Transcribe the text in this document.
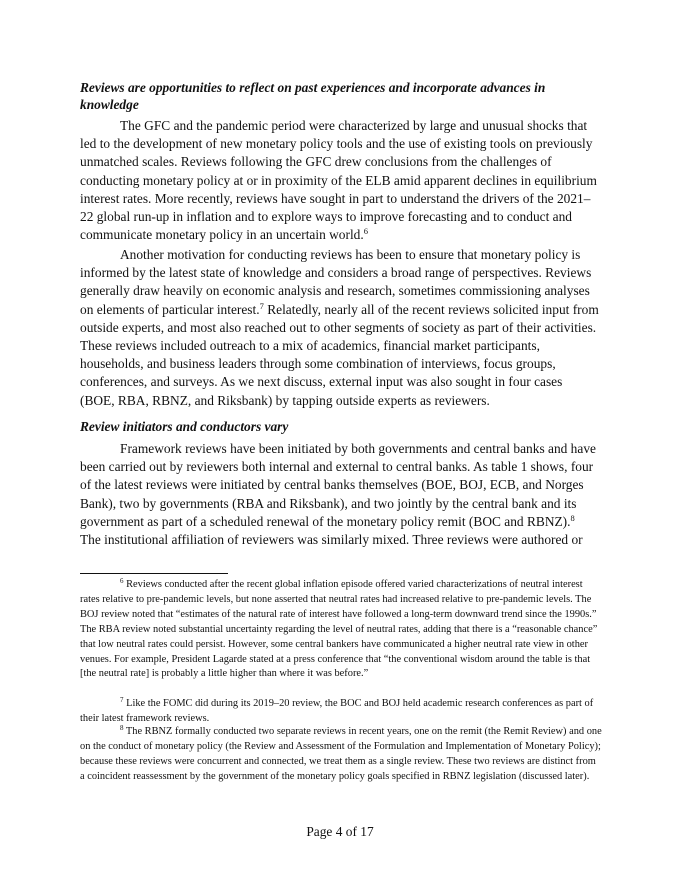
Reviews are opportunities to reflect on past experiences and incorporate advances in knowledge

The GFC and the pandemic period were characterized by large and unusual shocks that led to the development of new monetary policy tools and the use of existing tools on previously unmatched scales. Reviews following the GFC drew conclusions from the challenges of conducting monetary policy at or in proximity of the ELB amid apparent declines in equilibrium interest rates. More recently, reviews have sought in part to understand the drivers of the 2021–22 global run-up in inflation and to explore ways to improve forecasting and to conduct and communicate monetary policy in an uncertain world.$^6$

Another motivation for conducting reviews has been to ensure that monetary policy is informed by the latest state of knowledge and considers a broad range of perspectives. Reviews generally draw heavily on economic analysis and research, sometimes commissioning analyses on elements of particular interest.$^7$ Relatedly, nearly all of the recent reviews solicited input from outside experts, and most also reached out to other segments of society as part of their activities. These reviews included outreach to a mix of academics, financial market participants, households, and business leaders through some combination of interviews, focus groups, conferences, and surveys. As we next discuss, external input was also sought in four cases (BOE, RBA, RBNZ, and Riksbank) by tapping outside experts as reviewers.

Review initiators and conductors vary

Framework reviews have been initiated by both governments and central banks and have been carried out by reviewers both internal and external to central banks. As table 1 shows, four of the latest reviews were initiated by central banks themselves (BOE, BOJ, ECB, and Norges Bank), two by governments (RBA and Riksbank), and two jointly by the central bank and its government as part of a scheduled renewal of the monetary policy remit (BOC and RBNZ).$^8$
The institutional affiliation of reviewers was similarly mixed. Three reviews were authored or

$^6$ Reviews conducted after the recent global inflation episode offered varied characterizations of neutral interest rates relative to pre-pandemic levels, but none asserted that neutral rates had increased relative to pre-pandemic levels. The BOJ review noted that “estimates of the natural rate of interest have followed a long-term downward trend since the 1990s.” The RBA review noted substantial uncertainty regarding the level of neutral rates, adding that there is a “reasonable chance” that low neutral rates could persist. However, some central bankers have communicated a higher neutral rate view in other venues. For example, President Lagarde stated at a press conference that “the conventional wisdom around the table is that [the neutral rate] is probably a little higher than where it was before.”

$^7$ Like the FOMC did during its 2019–20 review, the BOC and BOJ held academic research conferences as part of their latest framework reviews.

$^8$ The RBNZ formally conducted two separate reviews in recent years, one on the remit (the Remit Review) and one on the conduct of monetary policy (the Review and Assessment of the Formulation and Implementation of Monetary Policy); because these reviews were concurrent and connected, we treat them as a single review. These two reviews are distinct from a coincident reassessment by the government of the monetary policy goals specified in RBNZ legislation (discussed later).

Page 4 of 17
